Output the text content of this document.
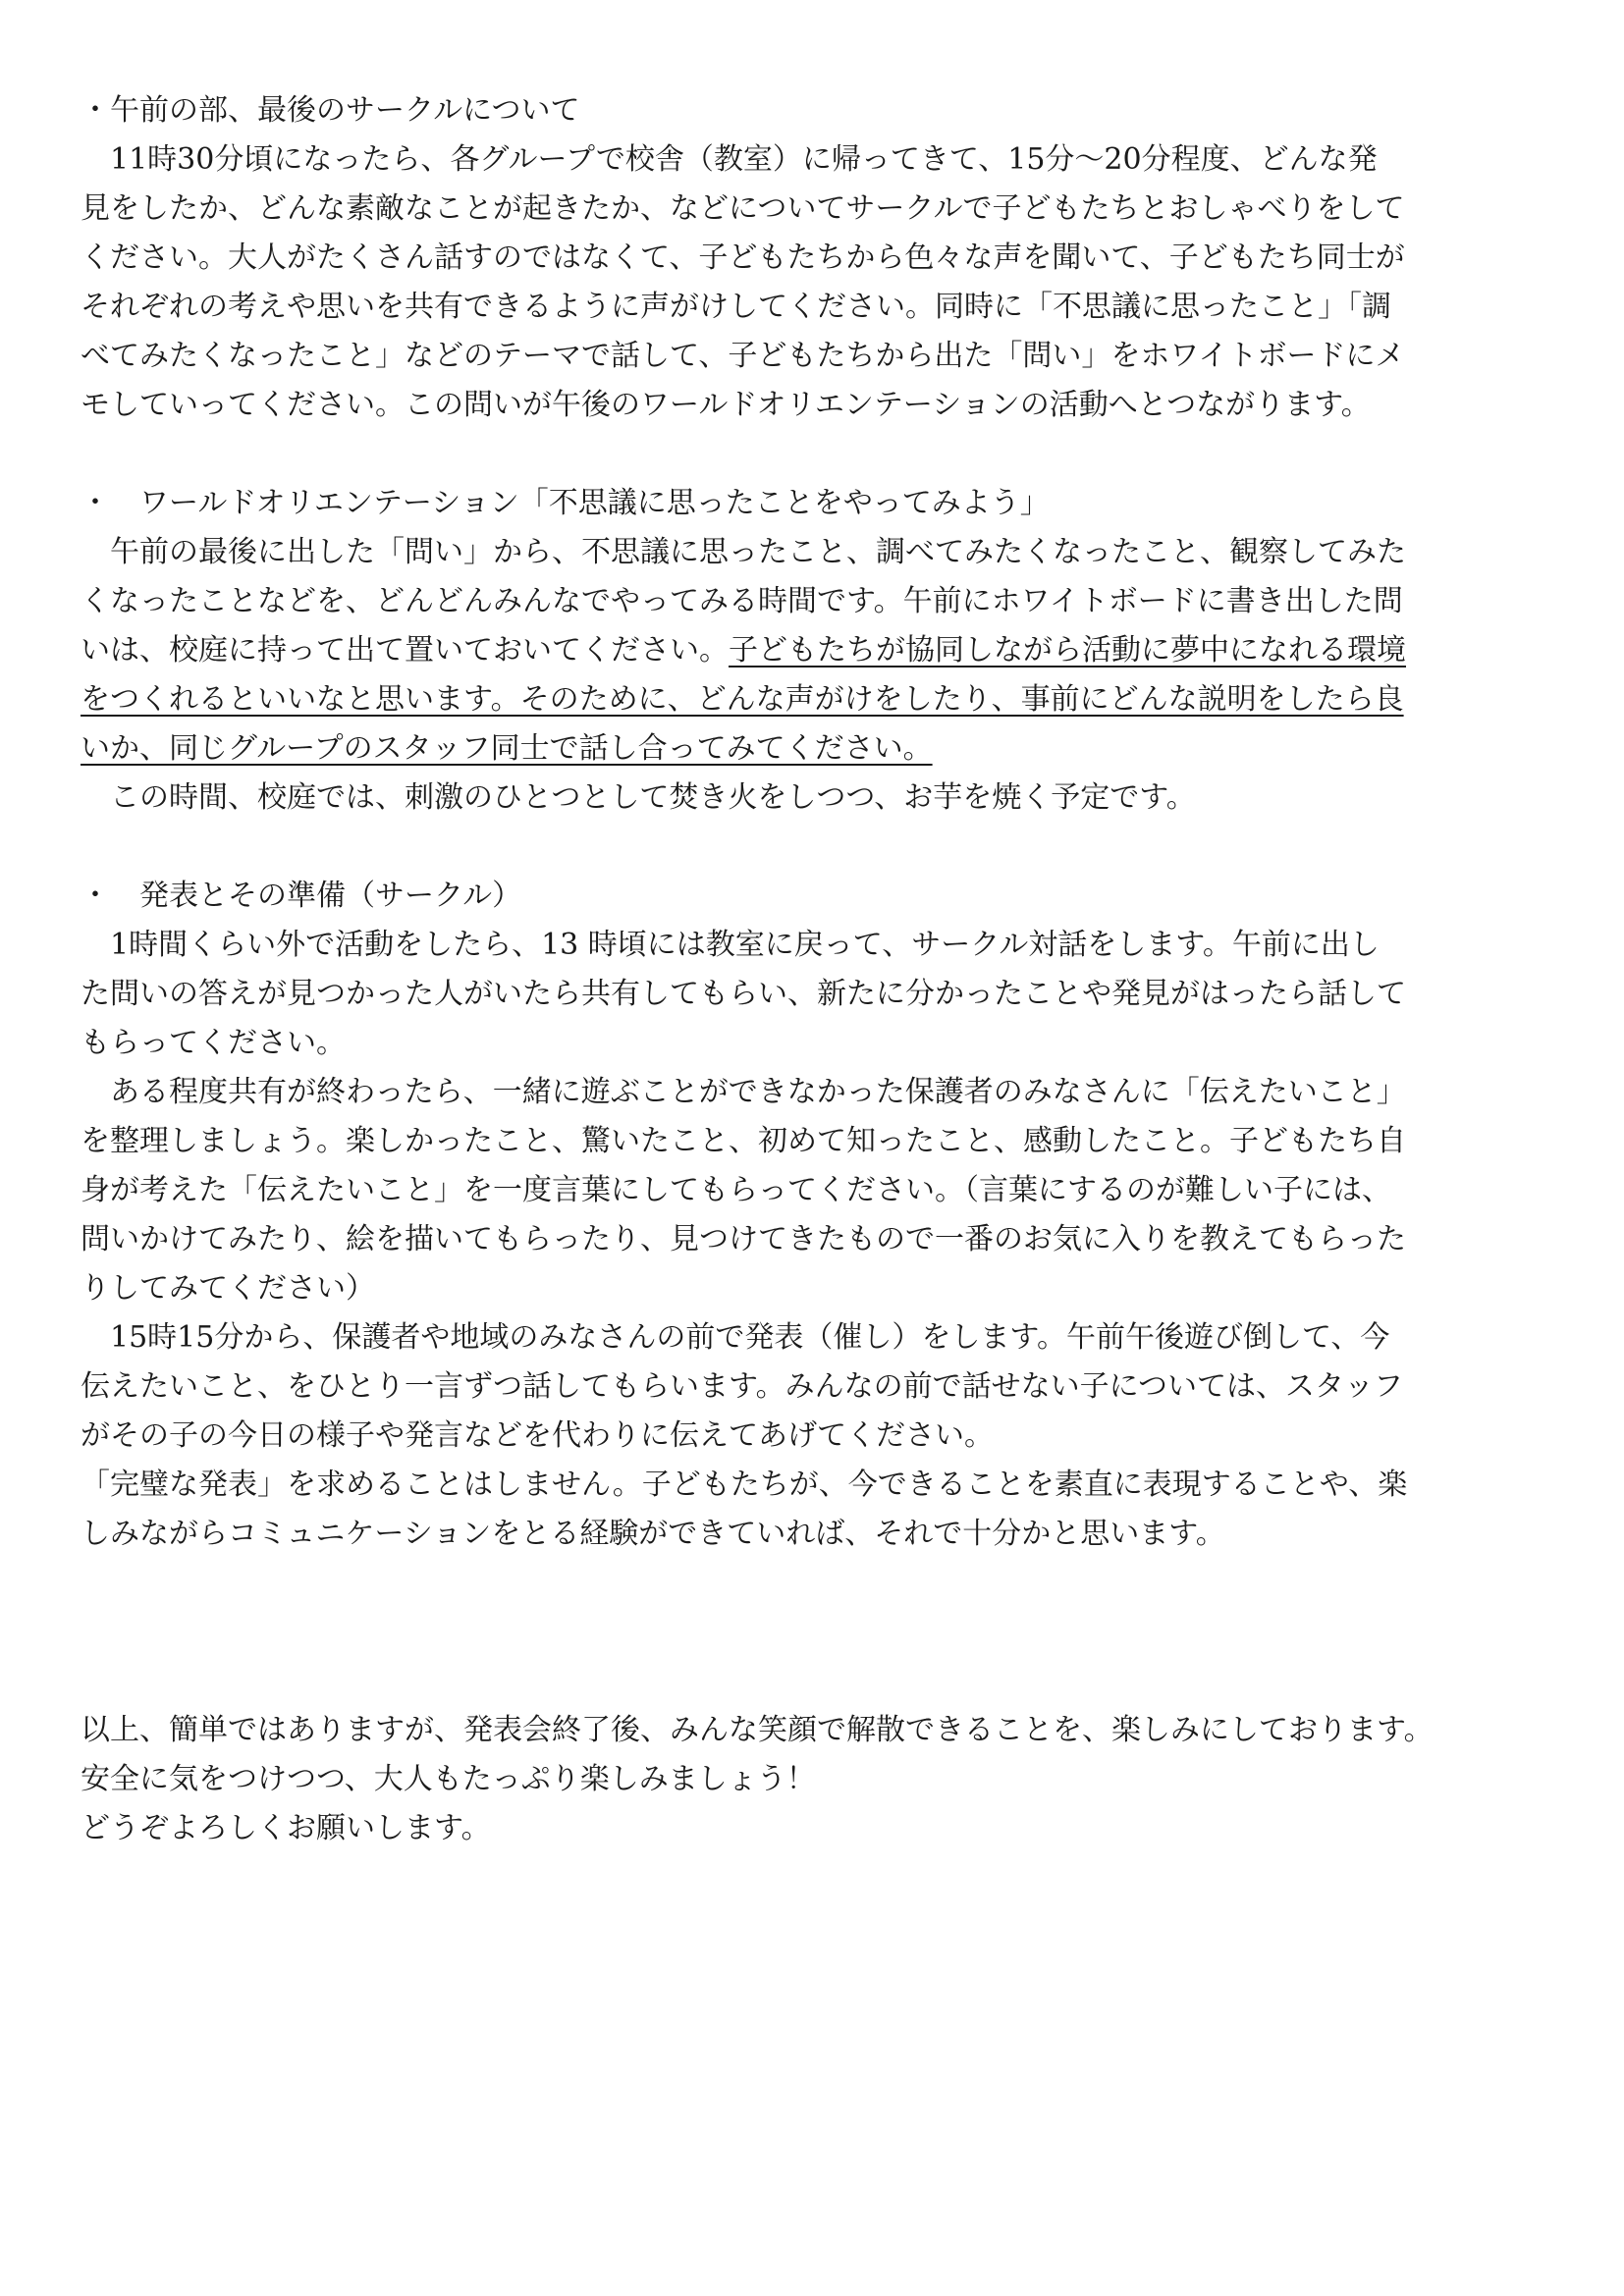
・午前の部、最後のサークルについて
　11時30分頃になったら、各グループで校舎（教室）に帰ってきて、15分〜20分程度、どんな発
見をしたか、どんな素敵なことが起きたか、などについてサークルで子どもたちとおしゃべりをして
ください。大人がたくさん話すのではなくて、子どもたちから色々な声を聞いて、子どもたち同士が
それぞれの考えや思いを共有できるように声がけしてください。同時に「不思議に思ったこと」「調
べてみたくなったこと」などのテーマで話して、子どもたちから出た「問い」をホワイトボードにメ
モしていってください。この問いが午後のワールドオリエンテーションの活動へとつながります。
・　ワールドオリエンテーション「不思議に思ったことをやってみよう」
　午前の最後に出した「問い」から、不思議に思ったこと、調べてみたくなったこと、観察してみた
くなったことなどを、どんどんみんなでやってみる時間です。午前にホワイトボードに書き出した問
いは、校庭に持って出て置いておいてください。子どもたちが協同しながら活動に夢中になれる環境
をつくれるといいなと思います。そのために、どんな声がけをしたり、事前にどんな説明をしたら良
いか、同じグループのスタッフ同士で話し合ってみてください。
　この時間、校庭では、刺激のひとつとして焚き火をしつつ、お芋を焼く予定です。
・　発表とその準備（サークル）
　1時間くらい外で活動をしたら、13 時頃には教室に戻って、サークル対話をします。午前に出し
た問いの答えが見つかった人がいたら共有してもらい、新たに分かったことや発見がはったら話して
もらってください。
　ある程度共有が終わったら、一緒に遊ぶことができなかった保護者のみなさんに「伝えたいこと」
を整理しましょう。楽しかったこと、驚いたこと、初めて知ったこと、感動したこと。子どもたち自
身が考えた「伝えたいこと」を一度言葉にしてもらってください。（言葉にするのが難しい子には、
問いかけてみたり、絵を描いてもらったり、見つけてきたもので一番のお気に入りを教えてもらった
りしてみてください）
　15時15分から、保護者や地域のみなさんの前で発表（催し）をします。午前午後遊び倒して、今
伝えたいこと、をひとり一言ずつ話してもらいます。みんなの前で話せない子については、スタッフ
がその子の今日の様子や発言などを代わりに伝えてあげてください。
「完璧な発表」を求めることはしません。子どもたちが、今できることを素直に表現することや、楽
しみながらコミュニケーションをとる経験ができていれば、それで十分かと思います。
以上、簡単ではありますが、発表会終了後、みんな笑顔で解散できることを、楽しみにしております。
安全に気をつけつつ、大人もたっぷり楽しみましょう！
どうぞよろしくお願いします。
